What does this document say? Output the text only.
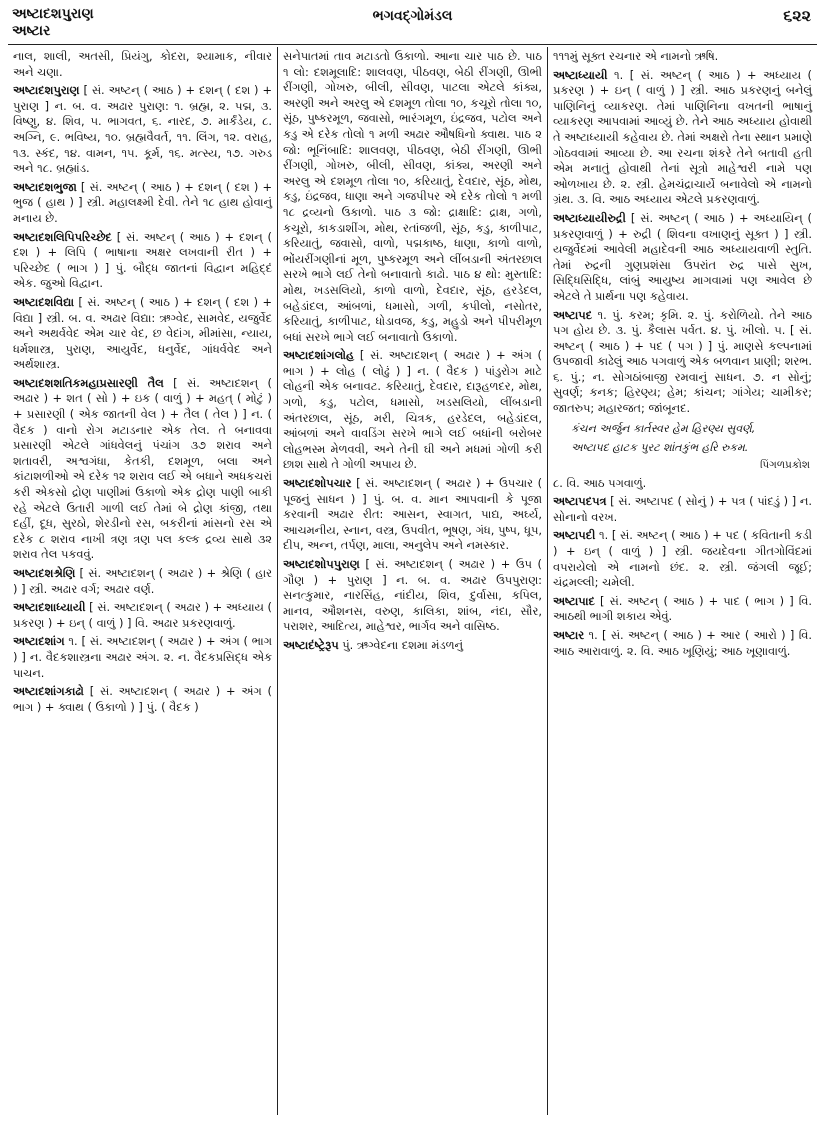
અષ્ટાદશપુરાણ
અષ્ટાર
ભગવદ્ગોમંડલ	૬૨૨
નાલ, શાલી, અતસી, પ્રિયંગુ, કોદરા, શ્યામાક, નીવાર અને ચણા.
અષ્ટાદશપુરાણ [ સં. અષ્ટન્ ( આઠ ) + દશન્ ( દશ ) + પુરાણ ] ન. બ. વ. અઢાર પુરાણ: ૧. બ્રહ્મ, ૨. પદ્મ, ૩. વિષ્ણુ, ૪. શિવ, ૫. ભાગવત, ૬. નારદ, ૭. માર્કંડેય, ૮. અગ્નિ, ૯. ભવિષ્ય, ૧૦. બ્રહ્મવૈવર્ત, ૧૧. લિંગ, ૧૨. વરાહ, ૧૩. સ્કંદ, ૧૪. વામન, ૧૫. કૂર્મ, ૧૬. મત્સ્ય, ૧૭. ગરુડ અને ૧૮. બ્રહ્માંડ.
અષ્ટાદશભુજા [ સં. અષ્ટન્ ( આઠ ) + દશન્ ( દશ ) + ભુજ ( હાથ ) ] સ્ત્રી. મહાલક્ષ્મી દેવી. તેને ૧૮ હાથ હોવાનું મનાય છે.
અષ્ટાદશલિપિપરિચ્છેદ [ સં. અષ્ટન્ ( આઠ ) + દશન્ ( દશ ) + લિપિ ( ભાષાના અક્ષર લખવાની રીત ) + પરિચ્છેદ ( ભાગ ) ] પું. બૌદ્ધ જાતનાં વિદ્વાન મહિદ્દં એક. જુઓ વિદ્વાન.
અષ્ટાદશવિદ્યા [ સં. અષ્ટન્ ( આઠ ) + દશન્ ( દશ ) + વિદ્યા ] સ્ત્રી. બ. વ. અઢાર વિદ્યા: ઋગ્વેદ, સામવેદ, યજુર્વેદ અને અથર્વવેદ એમ ચાર વેદ, છ વેદાંગ, મીમાંસા, ન્યાય, ધર્મશાસ્ત્ર, પુરાણ, આયુર્વેદ, ધનુર્વેદ, ગાંધર્વવેદ અને અર્થશાસ્ત્ર.
અષ્ટાદશશતિકમહાપ્રસારણી તૈલ [ સં. અષ્ટાદશન્ ( અઢાર ) + શત ( સો ) + ઇક ( વાળું ) + મહત્ ( મોટું ) + પ્રસારણી ( એક જાતની વેલ ) + તૈલ ( તેલ ) ] ન. ( વૈદક ) વાનો રોગ મટાડનાર એક તેલ. તે બનાવવા પ્રસારણી એટલે ગાંધવેલનું પંચાંગ ૩૭ શરાવ અને શતાવરી, અશ્વગંધા, કેતકી, દશમૂળ, બલા અને કાંટાશળીઓ એ દરેક ૧૨ શરાવ લઈ એ બધાને અધકચરાં કરી એકસો દ્રોણ પાણીમાં ઉકાળો એક દ્રોણ પાણી બાકી રહે એટલે ઉતારી ગાળી લઈ તેમાં બે દ્રોણ કાંજી, તથા દહીં, દૂધ, સુરઠો, શેરડીનો રસ, બકરીનાં માંસનો રસ એ દરેક ૮ શરાવ નાખી ત્રણ ત્રણ પલ કલ્ક દ્રવ્ય સાથે ૩૨ શરાવ તેલ પકવવું.
અષ્ટાદશશ્રેણિ [ સં. અષ્ટાદશન્ ( અઢાર ) + શ્રેણિ ( હાર ) ] સ્ત્રી. અઢાર વર્ગ; અઢાર વર્ણ.
અષ્ટાદશાધ્યાયી [ સં. અષ્ટાદશન્ ( અઢાર ) + અધ્યાય ( પ્રકરણ ) + ઇન્ ( વાળું ) ] વિ. અઢાર પ્રકરણવાળું.
અષ્ટાદશાંગ ૧. [ સં. અષ્ટાદશન્ ( અઢાર ) + અંગ ( ભાગ ) ] ન. વૈદકશાસ્ત્રના અઢાર અંગ. ૨. ન. વૈદકપ્રસિદ્ધ એક પાચન.
અષ્ટાદશાંગકાઢો [ સં. અષ્ટાદશન્ ( અઢાર ) + અંગ ( ભાગ ) + ક્વાથ ( ઉકાળો ) ] પું. ( વૈદક )
સનેપાતમાં તાવ મટાડતો ઉકાળો. આના ચાર પાઠ છે. પાઠ ૧ લો: દશમૂલાદિ: શાલવણ, પીઠવણ, બેઠી રીંગણી, ઊભી રીંગણી, ગોખરુ, બીલી, સીવણ, પાટલા એટલે કાંક્ય, અરણી અને અરલુ એ દશમૂળ તોલા ૧૦, કચૂરો તોલા ૧૦, સૂંઠ, પુષ્કરમૂળ, જવાસો, ભારંગમૂળ, ઇંદ્રજવ, પટોલ અને કડુ એ દરેક તોલો ૧ મળી અઢાર ઔષધિનો ક્વાથ. પાઠ ૨ જો: ભૂનિંબાદિ: શાલવણ, પીઠવણ, બેઠી રીંગણી, ઊભી રીંગણી, ગોખરુ, બીલી, સીવણ, કાંક્ય, અરણી અને અરલુ એ દશમૂળ તોલા ૧૦, કરિયાતું, દેવદાર, સૂંઠ, મોથ, કડુ, ઇંદ્રજવ, ધાણા અને ગજપીપર એ દરેક તોલો ૧ મળી ૧૮ દ્રવ્યનો ઉકાળો. પાઠ ૩ જો: દ્રાક્ષાદિ: દ્રાક્ષ, ગળો, કચૂરો, કાકડાશીંગ, મોથ, રતાંજળી, સૂંઠ, કડુ, કાળીપાટ, કરિયાતું, જવાસો, વાળો, પદ્મકાષ્ઠ, ધાણા, કાળો વાળો, ભોંયરીંગણીનાં મૂળ, પુષ્કરમૂળ અને લીંબડાની અંતરછાલ સરખે ભાગે લઈ તેનો બનાવાતો કાઢો. પાઠ ૪ થો: મુસ્તાદિ: મોથ, ખડસલિયો, કાળો વાળો, દેવદાર, સૂંઠ, હરડેદલ, બહેડાંદલ, આંબળાં, ધમાસો, ગળી, કપીલો, નસોતર, કરિયાતું, કાળીપાટ, ધોડાવજ, કડુ, મહુડો અને પીપરીમૂળ બધાં સરખે ભાગે લઈ બનાવાતો ઉકાળો.
અષ્ટાદશાંગલોહ [ સં. અષ્ટાદશન્ ( અઢાર ) + અંગ ( ભાગ ) + લોહ ( લોઢું ) ] ન. ( વૈદક ) પાંડુરોગ માટે લોહની એક બનાવટ. કરિયાતું, દેવદાર, દારૂહળદર, મોથ, ગળો, કડુ, પટોલ, ધમાસો, ખડસલિયો, લીંબડાની અંતરછાલ, સૂંઠ, મરી, ચિત્રક, હરડેદલ, બહેડાંદલ, આંબળાં અને વાવડિંગ સરખે ભાગે લઈ બધાંની બરોબર લોહભસ્મ મેળવવી, અને તેની ઘી અને મધમાં ગોળી કરી છાશ સાથે તે ગોળી અપાય છે.
અષ્ટાદશોપચાર [ સં. અષ્ટાદશન્ ( અઢાર ) + ઉપચાર ( પૂજનું સાધન ) ] પું. બ. વ. માન આપવાની કે પૂજા કરવાની અઢાર રીત: આસન, સ્વાગત, પાદ્ય, અર્ઘ્ય, આચમનીય, સ્નાન, વસ્ત્ર, ઉપવીત, ભૂષણ, ગંધ, પુષ્પ, ધૂપ, દીપ, અન્ન, તર્પણ, માલા, અનુલેપ અને નમસ્કાર.
અષ્ટાદશોપપુરાણ [ સં. અષ્ટાદશન્ ( અઢાર ) + ઉપ ( ગૌણ ) + પુરાણ ] ન. બ. વ. અઢાર ઉપપુરાણ: સનત્કુમાર, નારસિંહ, નાંદીય, શિવ, દુર્વાસા, કપિલ, માનવ, ઔશનસ, વરુણ, કાલિકા, શાંબ, નંદા, સૌર, પરાશર, આદિત્ય, માહેશ્વર, ભાર્ગવ અને વાસિષ્ઠ.
અષ્ટાદંષ્ટ્રેરૂપ પું. ઋગ્વેદના દશમા મંડળનું
૧૧૧મું સૂક્ત રચનાર એ નામનો ઋષિ.
અષ્ટાધ્યાયી ૧. [ સં. અષ્ટન્ ( આઠ ) + અધ્યાય ( પ્રકરણ ) + ઇન્ ( વાળું ) ] સ્ત્રી. આઠ પ્રકરણનું બનેલું પાણિનિનું વ્યાકરણ. તેમાં પાણિનિના વખતની ભાષાનું વ્યાકરણ આપવામાં આવ્યું છે. તેને આઠ અધ્યાય હોવાથી તે અષ્ટાધ્યાયી કહેવાય છે. તેમાં અક્ષરો તેના સ્થાન પ્રમાણે ગોઠવવામાં આવ્યા છે. આ રચના શંકરે તેને બતાવી હતી એમ મનાતું હોવાથી તેનાં સૂત્રો માહેશ્વરી નામે પણ ઓળખાય છે. ૨. સ્ત્રી. હેમચંદ્રાચાર્યે બનાવેલો એ નામનો ગ્રંથ. ૩. વિ. આઠ અધ્યાય એટલે પ્રકરણવાળું.
અષ્ટાધ્યાયીરુદ્રી [ સં. અષ્ટન્ ( આઠ ) + અધ્યાયિન્ ( પ્રકરણવાળું ) + રુદ્રી ( શિવના વખાણનું સૂક્ત ) ] સ્ત્રી. યજુર્વેદમાં આવેલી મહાદેવની આઠ અધ્યાયવાળી સ્તુતિ. તેમાં રુદ્રની ગુણપ્રશંસા ઉપરાંત રુદ્ર પાસે સુખ, સિદ્ધિસિદ્ધિ, લાંબું આયુષ્ય માગવામાં પણ આવેલ છે એટલે તે પ્રાર્થના પણ કહેવાય.
અષ્ટાપદ ૧. પું. કરમ; કૃમિ. ૨. પું. કરોળિયો. તેને આઠ પગ હોય છે. ૩. પું. કૈલાસ પર્વત. ૪. પું. ખીલો. ૫. [ સં. અષ્ટન્ ( આઠ ) + પદ ( પગ ) ] પું. માણસે કલ્પનામાં ઉપજાવી કાઢેલું આઠ પગવાળું એક બળવાન પ્રાણી; શરભ. ૬. પું.; ન. સોગઠાંબાજી રમવાનું સાધન. ૭. ન સોનું; સુવર્ણ; કનક; હિરણ્ય; હેમ; કાંચન; ગાંગેય; ચામીકર; જાતરુપ; મહારજત; જાંબૂનદ.
કંચન અર્જુન કાર્તસ્વર હેમ હિરણ્ય સુવર્ણ,
અષ્ટાપદ હાટક પુરટ શાંતકુંભ હરિ રુકમ.
પિંગળપ્રકોશ
૮. વિ. આઠ પગવાળું.
અષ્ટાપદપત્ર [ સં. અષ્ટાપદ ( સોનું ) + પત્ર ( પાંદડું ) ] ન. સોનાનો વરખ.
અષ્ટાપદી ૧. [ સં. અષ્ટન્ ( આઠ ) + પદ ( કવિતાની કડી ) + ઇન્ ( વાળું ) ] સ્ત્રી. જયદેવના ગીતગોવિંદમાં વપરાયેલો એ નામનો છંદ. ૨. સ્ત્રી. જંગલી જૂઈ; ચંદ્રમલ્લી; ચમેલી.
અષ્ટાપાદ [ સં. અષ્ટન્ ( આઠ ) + પાદ ( ભાગ ) ] વિ. આઠથી ભાગી શકાય એવું.
અષ્ટાર ૧. [ સં. અષ્ટન્ ( આઠ ) + આર ( આરો ) ] વિ. આઠ આરાવાળું. ૨. વિ. આઠ ખૂણિયું; આઠ ખૂણાવાળું.
